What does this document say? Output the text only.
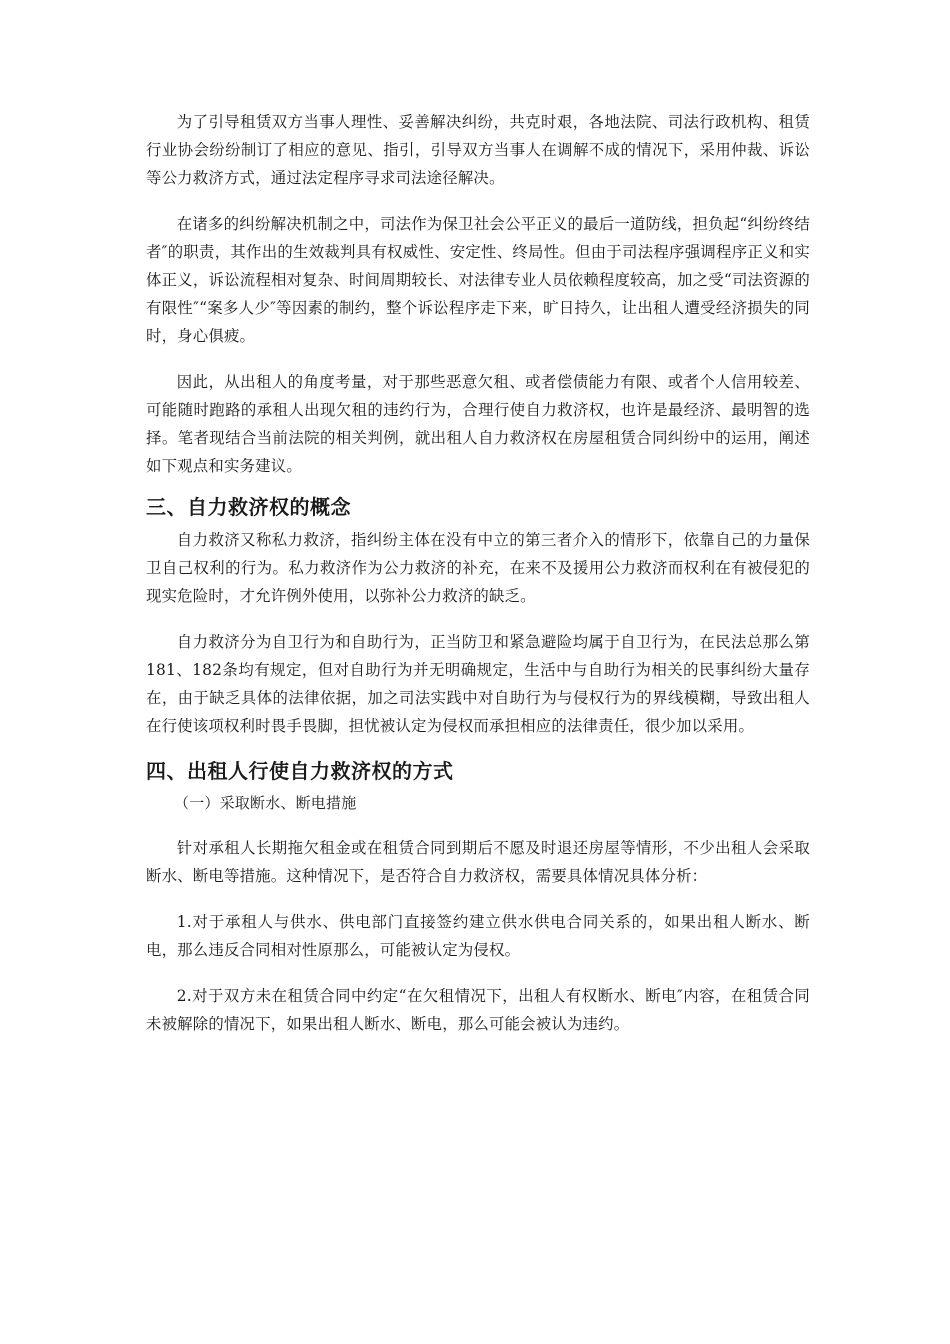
为了引导租赁双方当事人理性、妥善解决纠纷，共克时艰，各地法院、司法行政机构、租赁行业协会纷纷制订了相应的意见、指引，引导双方当事人在调解不成的情况下，采用仲裁、诉讼等公力救济方式，通过法定程序寻求司法途径解决。

在诸多的纠纷解决机制之中，司法作为保卫社会公平正义的最后一道防线，担负起“纠纷终结者″的职责，其作出的生效裁判具有权威性、安定性、终局性。但由于司法程序强调程序正义和实体正义，诉讼流程相对复杂、时间周期较长、对法律专业人员依赖程度较高，加之受“司法资源的有限性″“案多人少″等因素的制约，整个诉讼程序走下来，旷日持久，让出租人遭受经济损失的同时，身心俱疲。

因此，从出租人的角度考量，对于那些恶意欠租、或者偿债能力有限、或者个人信用较差、可能随时跑路的承租人出现欠租的违约行为，合理行使自力救济权，也许是最经济、最明智的选择。笔者现结合当前法院的相关判例，就出租人自力救济权在房屋租赁合同纠纷中的运用，阐述如下观点和实务建议。

三、自力救济权的概念

自力救济又称私力救济，指纠纷主体在没有中立的第三者介入的情形下，依靠自己的力量保卫自己权利的行为。私力救济作为公力救济的补充，在来不及援用公力救济而权利在有被侵犯的现实危险时，才允许例外使用，以弥补公力救济的缺乏。

自力救济分为自卫行为和自助行为，正当防卫和紧急避险均属于自卫行为，在民法总那么第181、182条均有规定，但对自助行为并无明确规定，生活中与自助行为相关的民事纠纷大量存在，由于缺乏具体的法律依据，加之司法实践中对自助行为与侵权行为的界线模糊，导致出租人在行使该项权利时畏手畏脚，担忧被认定为侵权而承担相应的法律责任，很少加以采用。

四、出租人行使自力救济权的方式

（一）采取断水、断电措施

针对承租人长期拖欠租金或在租赁合同到期后不愿及时退还房屋等情形，不少出租人会采取断水、断电等措施。这种情况下，是否符合自力救济权，需要具体情况具体分析：

1.对于承租人与供水、供电部门直接签约建立供水供电合同关系的，如果出租人断水、断电，那么违反合同相对性原那么，可能被认定为侵权。

2.对于双方未在租赁合同中约定“在欠租情况下，出租人有权断水、断电″内容，在租赁合同未被解除的情况下，如果出租人断水、断电，那么可能会被认为违约。
